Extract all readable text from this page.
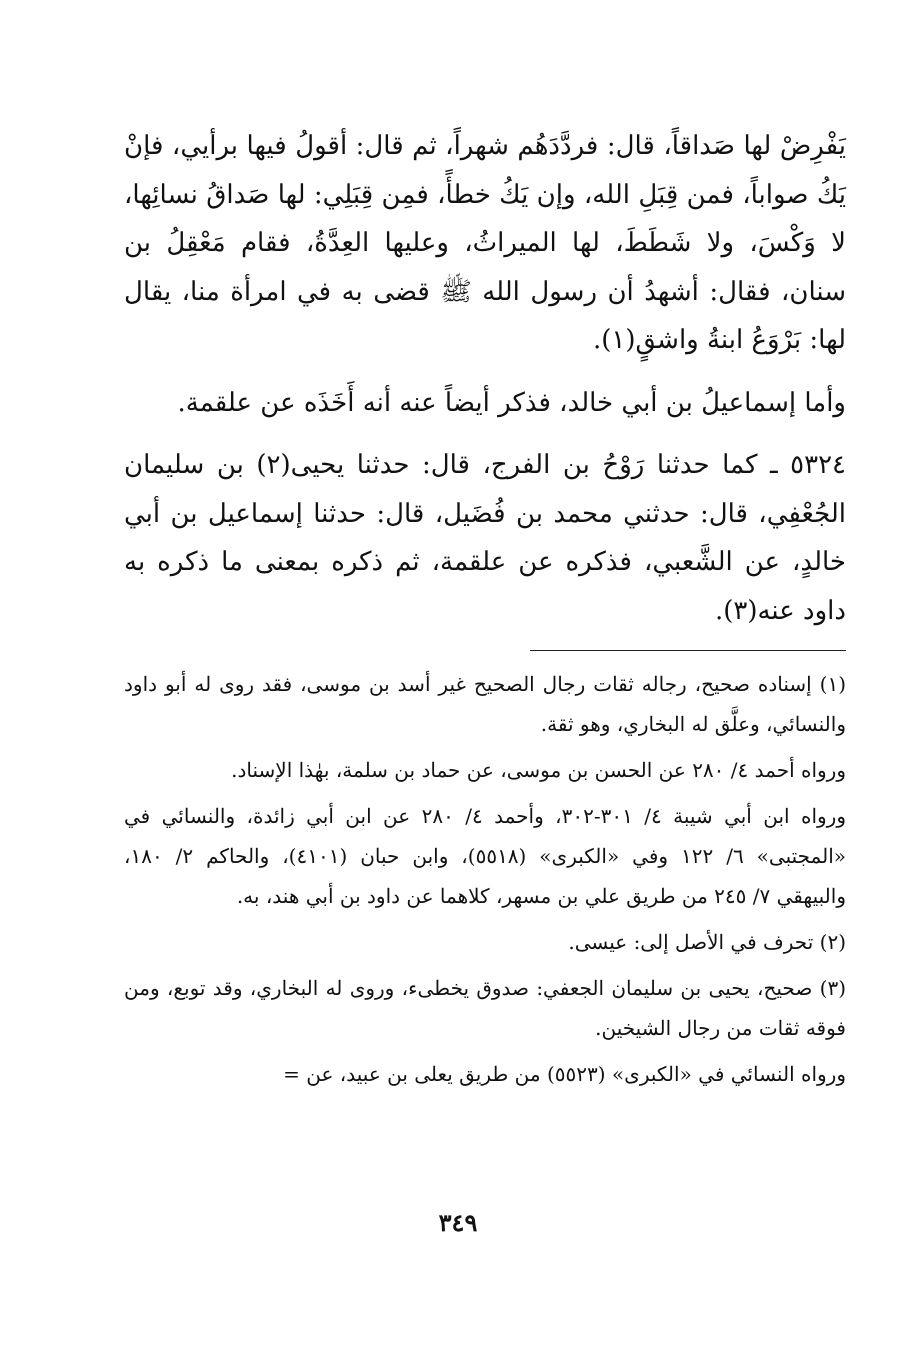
يَفْرِضْ لها صَداقاً، قال: فردَّدَهُم شهراً، ثم قال: أقولُ فيها برأيي، فإنْ يَكُ صواباً، فمن قِبَلِ الله، وإن يَكُ خطأً، فمِن قِبَلِي: لها صَداقُ نسائِها، لا وَكْسَ، ولا شَطَطَ، لها الميراثُ، وعليها العِدَّةُ، فقام مَعْقِلُ بن سنان، فقال: أشهدُ أن رسول الله ﷺ قضى به في امرأة منا، يقال لها: بَرْوَعُ ابنةُ واشقٍ(١).

وأما إسماعيلُ بن أبي خالد، فذكر أيضاً عنه أنه أَخَذَه عن علقمة.

٥٣٢٤ ـ كما حدثنا رَوْحُ بن الفرج، قال: حدثنا يحيى(٢) بن سليمان الجُعْفِي، قال: حدثني محمد بن فُضَيل، قال: حدثنا إسماعيل بن أبي خالدٍ، عن الشَّعبي، فذكره عن علقمة، ثم ذكره بمعنى ما ذكره به داود عنه(٣).

(١) إسناده صحيح، رجاله ثقات رجال الصحيح غير أسد بن موسى، فقد روى له أبو داود والنسائي، وعلَّق له البخاري، وهو ثقة.

ورواه أحمد ٤/ ٢٨٠ عن الحسن بن موسى، عن حماد بن سلمة، بهٰذا الإسناد.

ورواه ابن أبي شيبة ٤/ ٣٠١-٣٠٢، وأحمد ٤/ ٢٨٠ عن ابن أبي زائدة، والنسائي في «المجتبى» ٦/ ١٢٢ وفي «الكبرى» (٥٥١٨)، وابن حبان (٤١٠١)، والحاكم ٢/ ١٨٠، والبيهقي ٧/ ٢٤٥ من طريق علي بن مسهر، كلاهما عن داود بن أبي هند، به.

(٢) تحرف في الأصل إلى: عيسى.

(٣) صحيح، يحيى بن سليمان الجعفي: صدوق يخطىء، وروى له البخاري، وقد توبع، ومن فوقه ثقات من رجال الشيخين.

ورواه النسائي في «الكبرى» (٥٥٢٣) من طريق يعلى بن عبيد، عن =

٣٤٩
